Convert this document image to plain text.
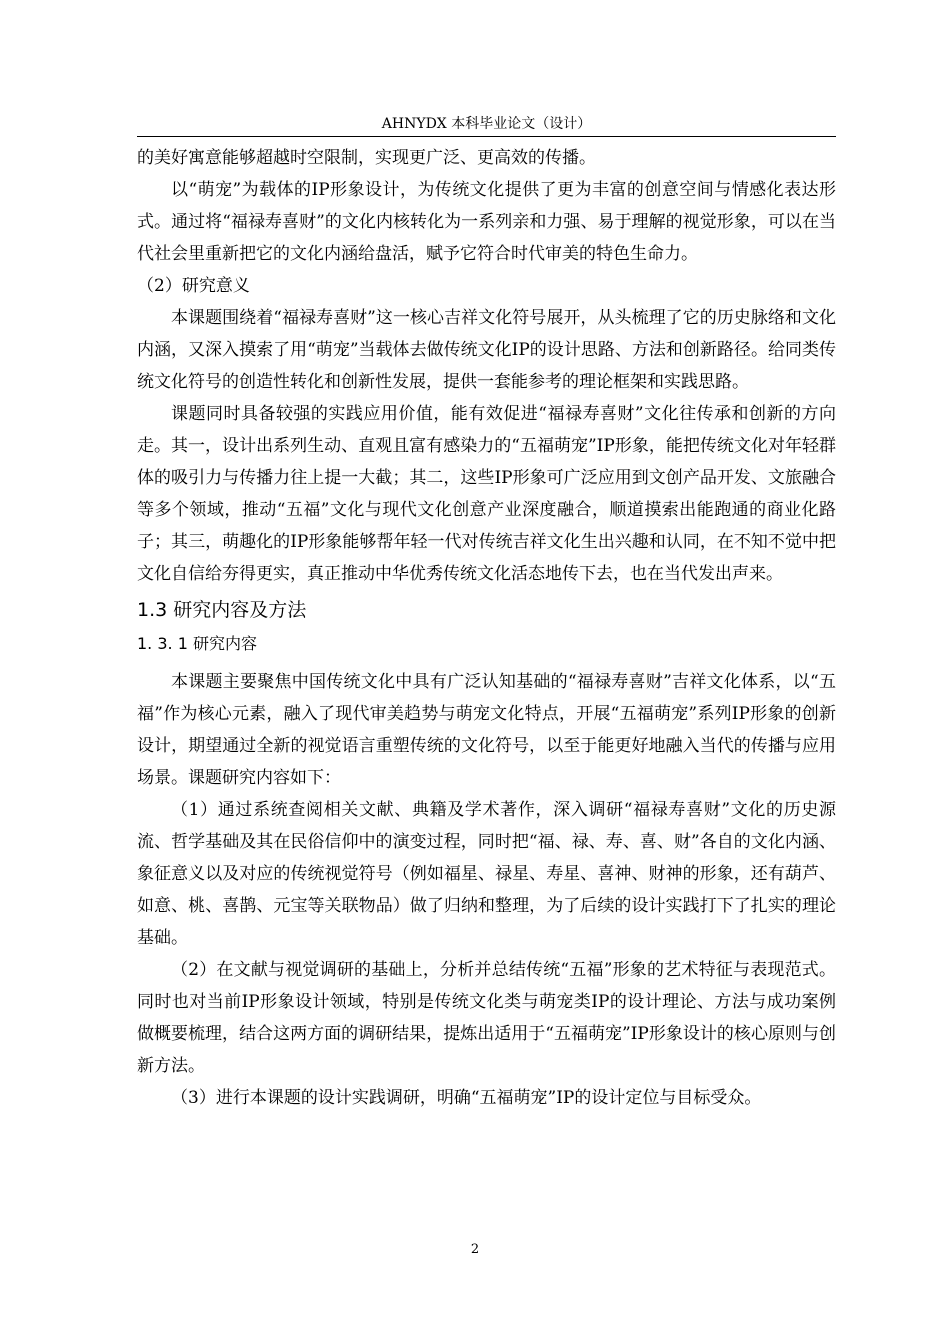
AHNYDX 本科毕业论文（设计）

的美好寓意能够超越时空限制，实现更广泛、更高效的传播。

以“萌宠”为载体的IP形象设计，为传统文化提供了更为丰富的创意空间与情感化表达形式。通过将“福禄寿喜财”的文化内核转化为一系列亲和力强、易于理解的视觉形象，可以在当代社会里重新把它的文化内涵给盘活，赋予它符合时代审美的特色生命力。

（2）研究意义

本课题围绕着“福禄寿喜财”这一核心吉祥文化符号展开，从头梳理了它的历史脉络和文化内涵，又深入摸索了用“萌宠”当载体去做传统文化IP的设计思路、方法和创新路径。给同类传统文化符号的创造性转化和创新性发展，提供一套能参考的理论框架和实践思路。

课题同时具备较强的实践应用价值，能有效促进“福禄寿喜财”文化往传承和创新的方向走。其一，设计出系列生动、直观且富有感染力的“五福萌宠”IP形象，能把传统文化对年轻群体的吸引力与传播力往上提一大截；其二，这些IP形象可广泛应用到文创产品开发、文旅融合等多个领域，推动“五福”文化与现代文化创意产业深度融合，顺道摸索出能跑通的商业化路子；其三，萌趣化的IP形象能够帮年轻一代对传统吉祥文化生出兴趣和认同，在不知不觉中把文化自信给夯得更实，真正推动中华优秀传统文化活态地传下去，也在当代发出声来。

1.3 研究内容及方法

1. 3. 1 研究内容

本课题主要聚焦中国传统文化中具有广泛认知基础的“福禄寿喜财”吉祥文化体系，以“五福”作为核心元素，融入了现代审美趋势与萌宠文化特点，开展“五福萌宠”系列IP形象的创新设计，期望通过全新的视觉语言重塑传统的文化符号，以至于能更好地融入当代的传播与应用场景。课题研究内容如下：

（1）通过系统查阅相关文献、典籍及学术著作，深入调研“福禄寿喜财”文化的历史源流、哲学基础及其在民俗信仰中的演变过程，同时把“福、禄、寿、喜、财”各自的文化内涵、象征意义以及对应的传统视觉符号（例如福星、禄星、寿星、喜神、财神的形象，还有葫芦、如意、桃、喜鹊、元宝等关联物品）做了归纳和整理，为了后续的设计实践打下了扎实的理论基础。

（2）在文献与视觉调研的基础上，分析并总结传统“五福”形象的艺术特征与表现范式。同时也对当前IP形象设计领域，特别是传统文化类与萌宠类IP的设计理论、方法与成功案例做概要梳理，结合这两方面的调研结果，提炼出适用于“五福萌宠”IP形象设计的核心原则与创新方法。

（3）进行本课题的设计实践调研，明确“五福萌宠”IP的设计定位与目标受众。

2
